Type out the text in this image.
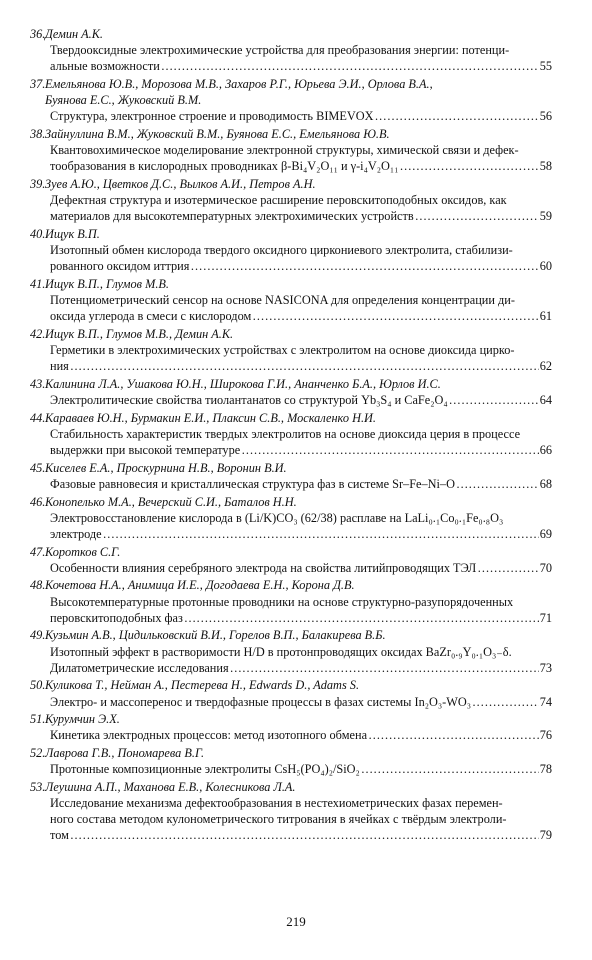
36. Демин А.К.
Твердооксидные электрохимические устройства для преобразования энергии: потенци-
альные возможности ……………………………………………………………………………………………………………………………………………………………………………………	55
37. Емельянова Ю.В., Морозова М.В., Захаров Р.Г., Юрьева Э.И., Орлова В.А.,
Буянова Е.С., Жуковский В.М.
Структура, электронное строение и проводимость BIMEVOX ……………………………………………………………………………………………………………………………………………………………………………………	56
38. Зайнуллина В.М., Жуковский В.М., Буянова Е.С., Емельянова Ю.В.
Квантовохимическое моделирование электронной структуры, химической связи и дефек-
тообразования в кислородных проводниках β-Bi₄V₂O₁₁ и γ-i₄V₂O₁₁ ……………………………………………………………………………………………………………………………………………………………………………………	58
39. Зуев А.Ю., Цветков Д.С., Вылков А.И., Петров А.Н.
Дефектная структура и изотермическое расширение перовскитоподобных оксидов, как
материалов для высокотемпературных электрохимических устройств ……………………………………………………………………………………………………………………………………………………………………………………	59
40. Ищук В.П.
Изотопный обмен кислорода твердого оксидного циркониевого электролита, стабилизи-
рованного оксидом иттрия ……………………………………………………………………………………………………………………………………………………………………………………	60
41. Ищук В.П., Глумов М.В.
Потенциометрический сенсор на основе NASICONA для определения концентрации ди-
оксида углерода в смеси с кислородом ……………………………………………………………………………………………………………………………………………………………………………………	61
42. Ищук В.П., Глумов М.В., Демин А.К.
Герметики в электрохимических устройствах с электролитом на основе диоксида цирко-
ния ……………………………………………………………………………………………………………………………………………………………………………………	62
43. Калинина Л.А., Ушакова Ю.Н., Широкова Г.И., Ананченко Б.А., Юрлов И.С.
Электролитические свойства тиолантанатов со структурой Yb₃S₄ и CaFe₂O₄ ……………………………………………………………………………………………………………………………………………………………………………………	64
44. Караваев Ю.Н., Бурмакин Е.И., Плаксин С.В., Москаленко Н.И.
Стабильность характеристик твердых электролитов на основе диоксида церия в процессе
выдержки при высокой температуре ……………………………………………………………………………………………………………………………………………………………………………………	66
45. Киселев Е.А., Проскурнина Н.В., Воронин В.И.
Фазовые равновесия и кристаллическая структура фаз в системе Sr–Fe–Ni–O ……………………………………………………………………………………………………………………………………………………………………………………	68
46. Конопелько М.А., Вечерский С.И., Баталов Н.Н.
Электровосстановление кислорода в (Li/K)CO₃ (62/38) расплаве на LaLi₀.₁Co₀.₁Fe₀.₈O₃
электроде ……………………………………………………………………………………………………………………………………………………………………………………	69
47. Коротков С.Г.
Особенности влияния серебряного электрода на свойства литийпроводящих ТЭЛ ……………………………………………………………………………………………………………………………………………………………………………………	70
48. Кочетова Н.А., Анимица И.Е., Догодаева Е.Н., Корона Д.В.
Высокотемпературные протонные проводники на основе структурно-разупорядоченных
перовскитоподобных фаз ……………………………………………………………………………………………………………………………………………………………………………………	71
49. Кузьмин А.В., Цидильковский В.И., Горелов В.П., Балакирева В.Б.
Изотопный эффект в растворимости H/D в протонпроводящих оксидах BaZr₀.₉Y₀.₁O₃₋δ.
Дилатометрические исследования ……………………………………………………………………………………………………………………………………………………………………………………	73
50. Куликова Т., Нейман А., Пестерева Н., Edwards D., Adams S.
Электро- и массоперенос и твердофазные процессы в фазах системы In₂O₃-WO₃ ……………………………………………………………………………………………………………………………………………………………………………………	74
51. Курумчин Э.Х.
Кинетика электродных процессов: метод изотопного обмена ……………………………………………………………………………………………………………………………………………………………………………………	76
52. Лаврова Г.В., Пономарева В.Г.
Протонные композиционные электролиты CsH₅(PO₄)₂/SiO₂ ……………………………………………………………………………………………………………………………………………………………………………………	78
53. Леушина А.П., Маханова Е.В., Колесникова Л.А.
Исследование механизма дефектообразования в нестехиометрических фазах перемен-
ного состава методом кулонометрического титрования в ячейках с твёрдым электроли-
том ……………………………………………………………………………………………………………………………………………………………………………………	79
219
